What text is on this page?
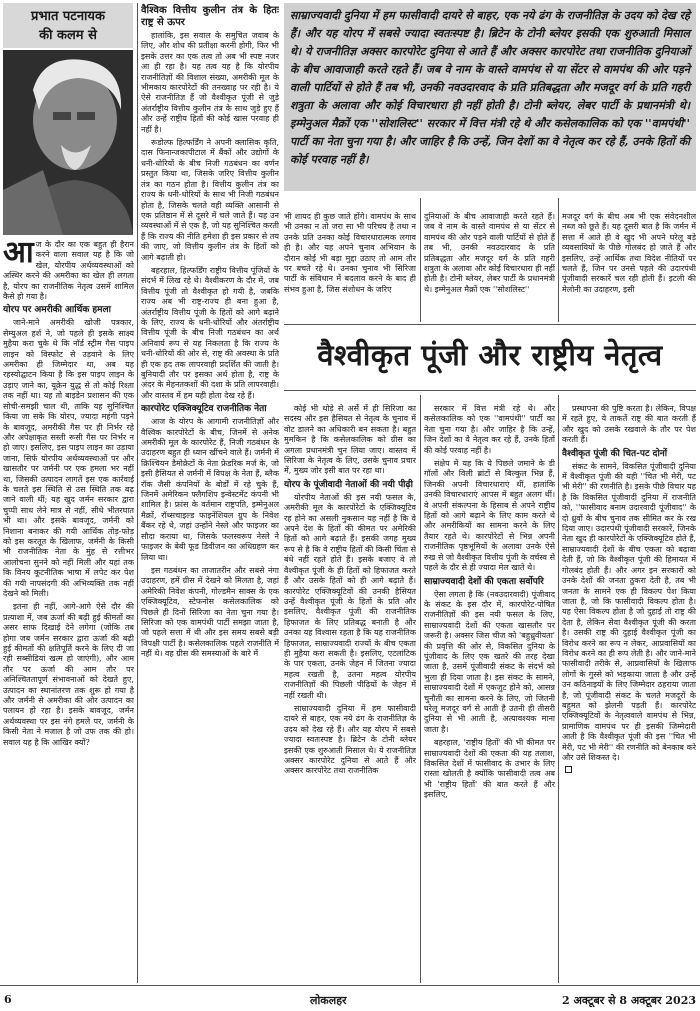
प्रभात पटनायक
की कलम से

आज के दौर का एक बहुत ही हैरान करने वाला सवाल यह है कि जो खेल, योरपीय अर्थव्यवस्थाओं को अस्थिर करने की अमरीका का खेल ही लगता है, योरप का राजनीतिक नेतृत्व उसमें शामिल कैसे हो गया है।

योरप पर अमरीकी आर्थिक हमला

जाने-माने अमरीकी खोजी पत्रकार, सेम्युअल हर्श ने, जो पहले ही इसके साक्ष्य मुहैया करा चुके थे कि नॉर्ड स्ट्रीम गैस पाइप लाइन को विस्फोट से उड़वाने के लिए अमरीका ही जिम्मेदार था, अब यह रहस्योद्घाटन किया है कि इस पाइप लाइन के उड़ाए जाने का, यूक्रेन युद्ध से तो कोई रिश्ता तक नहीं था। यह तो बाइडेन प्रशासन की एक सोची-समझी चाल थी, ताकि यह सुनिश्चित किया जा सके कि योरप, ज्यादा महंगी पड़ने के बावजूद, अमरीकी गैस पर ही निर्भर रहे और अपेक्षाकृत सस्ती रूसी गैस पर निर्भर न हो जाए। इसलिए, इस पाइप लाइन का उड़ाया जाना, सिर्फ योरपीय अर्थव्यवस्थाओं पर और खासतौर पर जर्मनी पर एक हमला भर नहीं था, जिसकी उत्पादन लागतें इस एक कार्रवाई के चलते इस स्थिति से उस स्थिति तक बढ़ जाने वाली थीं; यह खुद जर्मन सरकार द्वारा चुप्पी साध लेने मात्र से नहीं, सीधे भीतरघात भी था। और इसके बावजूद, जर्मनी को निशाना बनाकर की गयी आर्थिक तोड़-फोड़ को इस करतूत के खिलाफ, जर्मनी के किसी भी राजनीतिक नेता के मुंह से रत्तीभर आलोचना सुनने को नहीं मिली और यहां तक कि विनय कूटनीतिक भाषा में लपेट कर पेश की गयी नापसंदगी की अभिव्यक्ति तक नहीं देखने को मिली।

इतना ही नहीं, आगे-आगे ऐसे दौर की प्रत्याशा में, जब ऊर्जा की बढ़ी हुई कीमतों का असर साफ दिखाई देने लगेगा (जोकि तब होगा जब जर्मन सरकार द्वारा ऊर्जा की बढ़ी हुई कीमतों की क्षतिपूर्ति करने के लिए दी जा रही सब्सीडियां खत्म हो जाएंगी), और आम तौर पर ऊर्जा की आम तौर पर अनिश्चिततापूर्ण संभावनाओं को देखते हुए, उत्पादन का स्थानांतरण तक शुरू हो गया है और जर्मनी से अमरीका की ओर उत्पादन का पलायन हो रहा है। इसके बावजूद, जर्मन अर्थव्यवस्था पर इस नंगे हमले पर, जर्मनी के किसी नेता ने मजाल है जो उफ तक की हो। सवाल यह है कि आखिर क्यों?

वैश्विक वित्तीय कुलीन तंत्र के हितः राष्ट्र से ऊपर

हालांकि, इस सवाल के समुचित जवाब के लिए, और शोध की प्रतीक्षा करनी होगी, फिर भी इसके उत्तर का एक तत्व तो अब भी स्पष्ट नजर आ ही रहा है। यह तत्व यह है कि योरपीय राजनीतिज्ञों की विशाल संख्या, अमरीकी मूल के भीमकाय कारपोरेटों की तनख्वाह पर रही है। ये ऐसे राजनीतिज्ञ हैं जो वैश्वीकृत पूंजी से जुड़े अंतर्राष्ट्रीय वित्तीय कुलीन तंत्र के साथ जुड़े हुए हैं और उन्हें राष्ट्रीय हितों की कोई खास परवाह ही नहीं है।

रूडोल्फ हिल्फर्डिंग ने अपनी क्लासिक कृति, दास फिनान्जकापीटाल में बैंकों और उद्योगों के धनी-धोरियों के बीच निजी गठबंधन का वर्णन प्रस्तुत किया था, जिसके जरिए वित्तीय कुलीन तंत्र का गठन होता है। वित्तीय कुलीन तंत्र का राज्य के धनी-धोरियों के साथ भी निजी गठबंधन होता है, जिसके चलते वही व्यक्ति आसानी से एक प्रतिष्ठान में से दूसरे में चले जाते हैं। यह उन व्यवस्थाओं में से एक है, जो यह सुनिश्चित करती हैं कि राज्य की नीति हमेशा ही इस प्रकार से तय की जाए, जो वित्तीय कुलीन तंत्र के हितों को आगे बढ़ाती हो।

बहरहाल, हिल्फर्डिंग राष्ट्रीय वित्तीय पूंजियों के संदर्भ में लिख रहे थे। वैश्वीकरण के दौर में, जब वित्तीय पूंजी तो वैश्वीकृत हो गयी है, जबकि राज्य अब भी राष्ट्र-राज्य ही बना हुआ है, अंतर्राष्ट्रीय वित्तीय पूंजी के हितों को आगे बढ़ाने के लिए, राज्य के धनी-धोरियों और अंतर्राष्ट्रीय वित्तीय पूंजी के बीच निजी गठबंधन का अर्थ अनिवार्य रूप से यह निकलता है कि राज्य के धनी-धोरियों की ओर से, राष्ट्र की अवस्था के प्रति ही एक हद तक लापरवाही प्रदर्शित की जाती है। बुनियादी तौर पर इसका अर्थ होता है, राष्ट्र के अंदर के मेहनतकशों की दशा के प्रति लापरवाही। और वास्तव में हम यही होता देख रहे हैं।

कारपोरेट एक्जिक्यूटिव राजनीतिक नेता

आज के योरप के आगामी राजनीतिज्ञों और वैश्विक कारपोरेटों के बीच, जिनमें से अनेक अमरीकी मूल के कारपोरेट हैं, निजी गठबंधन के उदाहरण बहुत ही ध्यान खींचने वाले हैं। जर्मनी में क्रिश्चियन डैमोक्रेटों के नेता फ्रेडरिक मर्ज के, जो इसी हैसियत से जर्मनी में विपक्ष के नेता हैं, ब्लैक रॉक जैसी कंपनियों के बोर्डों में रहे चुके हैं, जिनमें अमेरिकन फ्लैगशिप इन्वेस्टमेंट कंपनी भी शामिल है। फ्रांस के वर्तमान राष्ट्रपति, इम्मेनुअल मैक्रों, रॉथ्सचाइल्ड फाइनेंशियल ग्रुप के निवेश बैंकर रहे थे, जहां उन्होंने नेस्ले और फाइजर का सौदा कराया था, जिसके फलस्वरूप नेस्ले ने फाइजर के बेबी फूड डिवीजन का अधिग्रहण कर लिया था।

इस गठबंधन का ताजातरीन और सबसे नंगा उदाहरण, हमें ग्रीस में देखने को मिलता है, जहां अमेरिकी निवेश कंपनी, गोल्डमैन साक्स के एक एक्जिक्यूटिव, स्टेफनोस कसेलकालिक को पिछले ही दिनों सिरिजा का नेता चुना गया है। सिरिजा को एक वामपंथी पार्टी समझा जाता है, जो पहले सत्ता में थी और इस समय सबसे बड़ी विपक्षी पार्टी है। कसेलकालिक पहले राजनीति में नहीं थे। वह ग्रीस की समस्याओं के बारे में

साम्राज्यवादी दुनिया में हम फासीवादी दायरे से बाहर, एक नये ढंग के राजनीतिज्ञ के उदय को देख रहे हैं। और यह योरप में सबसे ज्यादा स्वतःस्पष्ट है। ब्रिटेन के टोनी ब्लेयर इसकी एक शुरुआती मिसाल थे। ये राजनीतिज्ञ अक्सर कारपोरेट दुनिया से आते हैं और अक्सर कारपोरेट तथा राजनीतिक दुनियाओं के बीच आवाजाही करते रहते हैं। जब वे नाम के वास्ते वामपंथ से या सेंटर से वामपंथ की ओर पड़ने वाली पार्टियों से होते हैं तब भी, उनकी नवउदारवाद के प्रति प्रतिबद्धता और मजदूर वर्ग के प्रति गहरी शत्रुता के अलावा और कोई विचारधारा ही नहीं होती है। टोनी ब्लेयर, लेबर पार्टी के प्रधानमंत्री थे। इम्मेनुअल मैक्रों एक ''सोशलिस्ट'' सरकार में वित्त मंत्री रहे थे और कसेलकालिक को एक ''वामपंथी'' पार्टी का नेता चुना गया है। और जाहिर है कि उन्हें, जिन देशों का वे नेतृत्व कर रहे हैं, उनके हितों की कोई परवाह नहीं है।
भी शायद ही कुछ जाते होंगे। वामपंथ के साथ भी उनका न तो जरा सा भी परिचय है तथा न उनके प्रति उनका कोई विचारधारात्मक लगाव ही है। और यह अपने चुनाव अभियान के दौरान कोई भी बड़ा मुद्दा उठाए तो आम तौर पर बचते रहे थे। उनका चुनाव भी सिरिजा पार्टी के संविधान में बदलाव करने के बाद ही संभव हुआ है, जिस संशोधन के जरिए
दुनियाओं के बीच आवाजाही करते रहते हैं। जब वे नाम के वास्ते वामपंथ से या सेंटर से वामपंथ की ओर पड़ने वाली पार्टियों से होते हैं तब भी, उनकी नवउदारवाद के प्रति प्रतिबद्धता और मजदूर वर्ग के प्रति गहरी शत्रुता के अलावा और कोई विचारधारा ही नहीं होती है। टोनी ब्लेयर, लेबर पार्टी के प्रधानमंत्री थे। इम्मेनुअल मैक्रों एक ''सोशलिस्ट''
मजदूर वर्ग के बीच अब भी एक संवेदनशील नब्ज को छूते हैं। यह दूसरी बात है कि जर्मन में सत्ता में आते ही वे खुद भी अपने घरेलू बड़े व्यवसायियों के पीछे गोलबंद हो जाते हैं और इसलिए, उन्हें आर्थिक तथा विदेश नीतियों पर चलते हैं, जिन पर उनसे पहले की उदारपंथी पूंजीवादी सरकारें चल रही होती हैं। इटली की मेलोनी का उदाहरण, इसी
वैश्वीकृत पूंजी और राष्ट्रीय नेतृत्व

कोई भी थोड़े से अर्से में ही सिरिजा का सदस्य और इस हैसियत से नेतृत्व के चुनाव में वोट डालने का अधिकारी बन सकता है। बहुत मुमकिन है कि कसेलकालिक को ग्रीस का अगला प्रधानमंत्री चुन लिया जाए। वास्तव में सिरिजा के नेतृत्व के लिए, उसके चुनाव प्रचार में, मुख्य जोर इसी बात पर रहा था।

योरप के पूंजीवादी नेताओं की नयी पीढ़ी

योरपीय नेताओं की इस नयी फसल के, अमरीकी मूल के कारपोरेटों के एक्जिक्यूटिव रह होने का असली नुकसान यह नहीं है कि वे अपने देश के हितों की कीमत पर अमेरिकी हितों को आगे बढ़ाते हैं। इसकी जगह मुख्य रूप से है कि वे राष्ट्रीय हितों की किसी चिंता से बंधे नहीं रहते होते हैं। इसके बजाए वे तो वैश्वीकृत पूंजी के ही हितों को हिफाजत करते हैं और उसके हितों को ही आगे बढ़ाते हैं। कारपोरेट एक्जिक्यूटिवों की उनकी हैसियत उन्हें वैश्वीकृत पूंजी के हितों के प्रति और इसलिए, वैश्वीकृत पूंजी की राजनीतिक हिफाजत के लिए प्रतिबद्ध बनाती है और उनका यह विश्वास रहता है कि यह राजनीतिक हिफाजत, साम्राज्यवादी राज्यों के बीच एकता ही मुहैया करा सकती है। इसलिए, एटलांटिक के पार एकता, उनके जेहन में जितना ज्यादा महत्व रखती है, उतना महत्व योरपीय राजनीतिज्ञों की पिछली पीढ़ियों के जेहन में नहीं रखती थी।

साम्राज्यवादी दुनिया में हम फासीवादी दायरे से बाहर, एक नये ढंग के राजनीतिज्ञ के उदय को देख रहे हैं। और यह योरप में सबसे ज्यादा स्वतःस्पष्ट है। ब्रिटेन के टोनी ब्लेयर इसकी एक शुरुआती मिसाल थे। ये राजनीतिज्ञ अक्सर कारपोरेट दुनिया से आते हैं और अक्सर कारपोरेट तथा राजनीतिक

सरकार में वित्त मंत्री रहे थे। और कसेलकालिक को एक ''वामपंथी'' पार्टी का नेता चुना गया है। और जाहिर है कि उन्हें, जिन देशों का वे नेतृत्व कर रहे हैं, उनके हितों की कोई परवाह नहीं है।

संक्षेप में यह कि ये पिछले जमाने के डी गॉलों और विली ब्रांटों से बिल्कुल भिन्न हैं, जिनकी अपनी विचारधाराएं थीं, हालांकि उनकी विचारधाराएं आपस में बहुत अलग थीं। वे अपनी संकल्पना के हिसाब से अपने राष्ट्रीय हितों को आगे बढ़ाने के लिए काम करते थे और अमरीकियों का सामना करने के लिए तैयार रहते थे। कारपोरेटों से भिन्न अपनी राजनीतिक पृष्ठभूमियों के अलावा उनके ऐसे रुख से जो वैश्वीकृत वित्तीय पूंजी के वर्चस्व से पहले के दौर से ही ज्यादा मेल खाते थे।

साम्राज्यवादी देशों की एकता सर्वोपरि

ऐसा लगता है कि (नवउदारवादी) पूंजीवाद के संकट के इस दौर में, कारपोरेट-पोषित राजनीतिज्ञों की इस नयी फसल के लिए, साम्राज्यवादी देशों की एकता खासतौर पर जरूरी है। अक्सर जिस चीज को 'बहुध्रुवीयता' की प्रवृत्ति की ओर से, विकसित दुनिया के पूंजीवाद के लिए एक खतरे की तरह देखा जाता है, उसमें पूंजीवादी संकट के संदर्भ को भुला ही दिया जाता है। इस संकट के सामने, साम्राज्यवादी देशों में एकजुट होने को, आसन्न चुनौती का सामना करने के लिए, जो जितनी घरेलू मजदूर वर्ग से आती है उतनी ही तीसरी दुनिया से भी आती है, अत्यावश्यक माना जाता है।

बहरहाल, 'राष्ट्रीय हितों' की भी कीमत पर साम्राज्यवादी देशों की एकता की यह तलाश, विकसित देशों में फासीवाद के उभार के लिए रास्ता खोलती है क्योंकि फासीवादी तत्व अब भी 'राष्ट्रीय हितों' की बात करते हैं और इसलिए,

प्रस्थापना की पुष्टि करता है। लेकिन, विपक्ष में रहते हुए, ये ताकतें राष्ट्र की बात करती हैं और खुद को उसके रखवाले के तौर पर पेश करती हैं।

वैश्वीकृत पूंजी की चित-पट दोनों

संकट के सामने, विकसित पूंजीवादी दुनिया में वैश्वीकृत पूंजी की यही ''चित भी मेरी, पट भी मेरी'' की रणनीति है। इसके पीछे विचार यह है कि विकसित पूंजीवादी दुनिया में राजनीति को, ''फासीवाद बनाम उदारवादी पूंजीवाद'' के दो ध्रुवों के बीच चुनाव तक सीमित कर के रख दिया जाए। उदारपंथी पूंजीवादी सरकारें, जिनके नेता खुद ही कारपोरेटों के एक्जिक्यूटिव होते हैं, साम्राज्यवादी देशों के बीच एकता को बढ़ावा देती हैं, जो कि वैश्वीकृत पूंजी की हिमायत में गोलबंद होती हैं। और अगर इन सरकारों को उनके देशों की जनता ठुकरा देती है, तब भी जनता के सामने एक ही विकल्प पेश किया जाता है, जो कि फासीवादी विकल्प होता है। यह ऐसा विकल्प होता है जो दुहाई तो राष्ट्र की देता है, लेकिन सेवा वैश्वीकृत पूंजी की करता है। उसकी राष्ट्र की दुहाई वैश्वीकृत पूंजी का विरोध करने का रूप न लेकर, आप्रवासियों का विरोध करने का ही रूप लेती है। और जाने-माने फासीवादी तरीके से, आप्रवासियों के खिलाफ लोगों के गुस्से को भड़काया जाता है और उन्हें उन कठिनाइयों के लिए जिम्मेदार ठहराया जाता है, जो पूंजीवादी संकट के चलते मजदूरों के बहुमत को झेलनी पड़ती हैं। कारपोरेट एक्जिक्यूटिवों के नेतृत्ववाले वामपंथ से भिन्न, प्रामाणिक वामपंथ पर ही इसकी जिम्मेदारी आती है कि वैश्वीकृत पूंजी की इस ''चित भी मेरी, पट भी मेरी'' की रणनीति को बेनकाब करे और उसे शिकस्त दे।

6	लोकलहर	2 अक्टूबर से 8 अक्टूबर 2023
